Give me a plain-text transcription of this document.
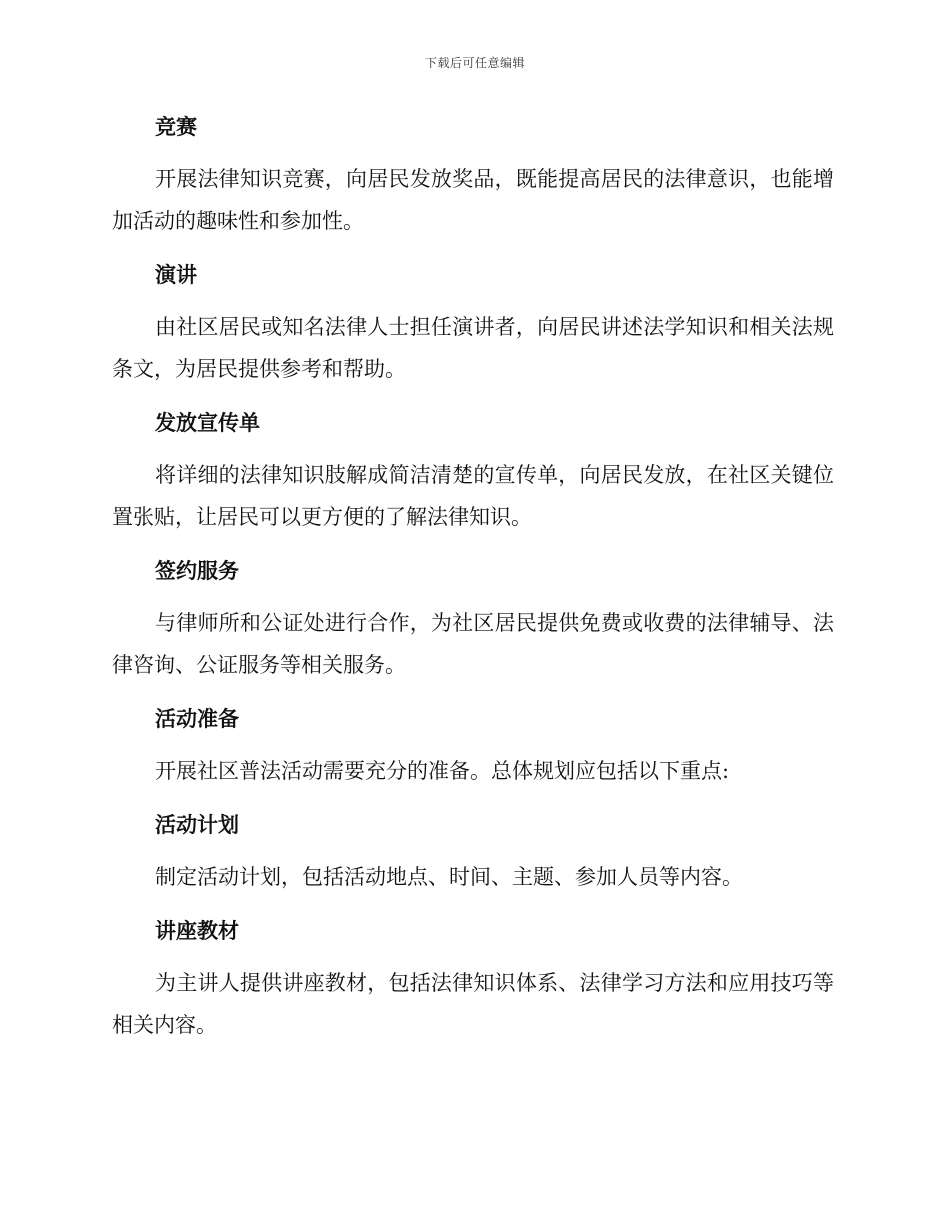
下载后可任意编辑
竞赛

开展法律知识竞赛，向居民发放奖品，既能提高居民的法律意识，也能增加活动的趣味性和参加性。

演讲

由社区居民或知名法律人士担任演讲者，向居民讲述法学知识和相关法规条文，为居民提供参考和帮助。

发放宣传单

将详细的法律知识肢解成简洁清楚的宣传单，向居民发放，在社区关键位置张贴，让居民可以更方便的了解法律知识。

签约服务

与律师所和公证处进行合作，为社区居民提供免费或收费的法律辅导、法律咨询、公证服务等相关服务。

活动准备

开展社区普法活动需要充分的准备。总体规划应包括以下重点:

活动计划

制定活动计划，包括活动地点、时间、主题、参加人员等内容。

讲座教材

为主讲人提供讲座教材，包括法律知识体系、法律学习方法和应用技巧等相关内容。
